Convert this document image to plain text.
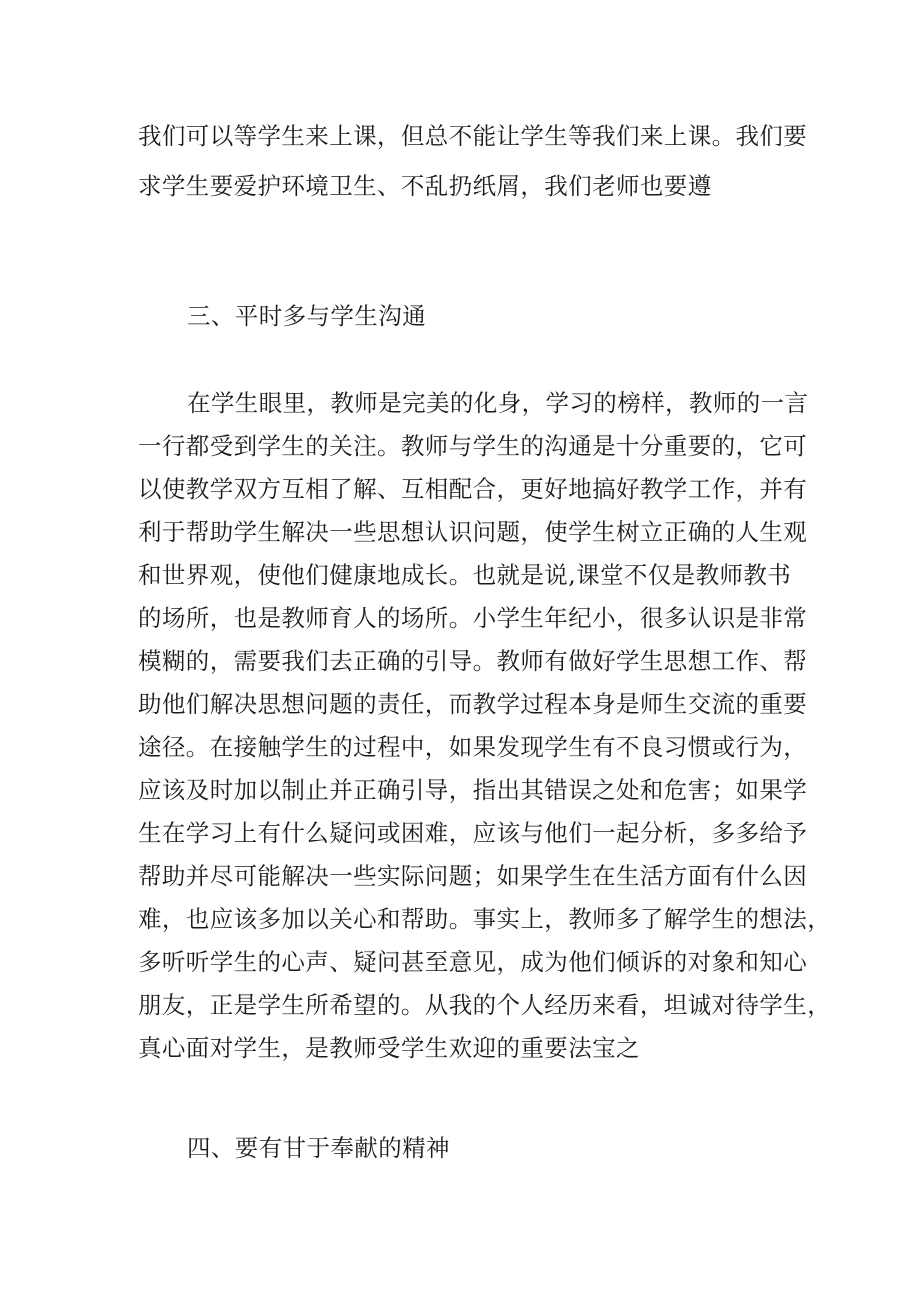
我们可以等学生来上课，但总不能让学生等我们来上课。我们要
求学生要爱护环境卫生、不乱扔纸屑，我们老师也要遵
三、平时多与学生沟通
在学生眼里，教师是完美的化身，学习的榜样，教师的一言
一行都受到学生的关注。教师与学生的沟通是十分重要的，它可
以使教学双方互相了解、互相配合，更好地搞好教学工作，并有
利于帮助学生解决一些思想认识问题，使学生树立正确的人生观
和世界观，使他们健康地成长。也就是说,课堂不仅是教师教书
的场所，也是教师育人的场所。小学生年纪小，很多认识是非常
模糊的，需要我们去正确的引导。教师有做好学生思想工作、帮
助他们解决思想问题的责任，而教学过程本身是师生交流的重要
途径。在接触学生的过程中，如果发现学生有不良习惯或行为，
应该及时加以制止并正确引导，指出其错误之处和危害；如果学
生在学习上有什么疑问或困难，应该与他们一起分析，多多给予
帮助并尽可能解决一些实际问题；如果学生在生活方面有什么因
难，也应该多加以关心和帮助。事实上，教师多了解学生的想法，
多听听学生的心声、疑问甚至意见，成为他们倾诉的对象和知心
朋友，正是学生所希望的。从我的个人经历来看，坦诚对待学生，
真心面对学生，是教师受学生欢迎的重要法宝之
四、要有甘于奉献的精神
